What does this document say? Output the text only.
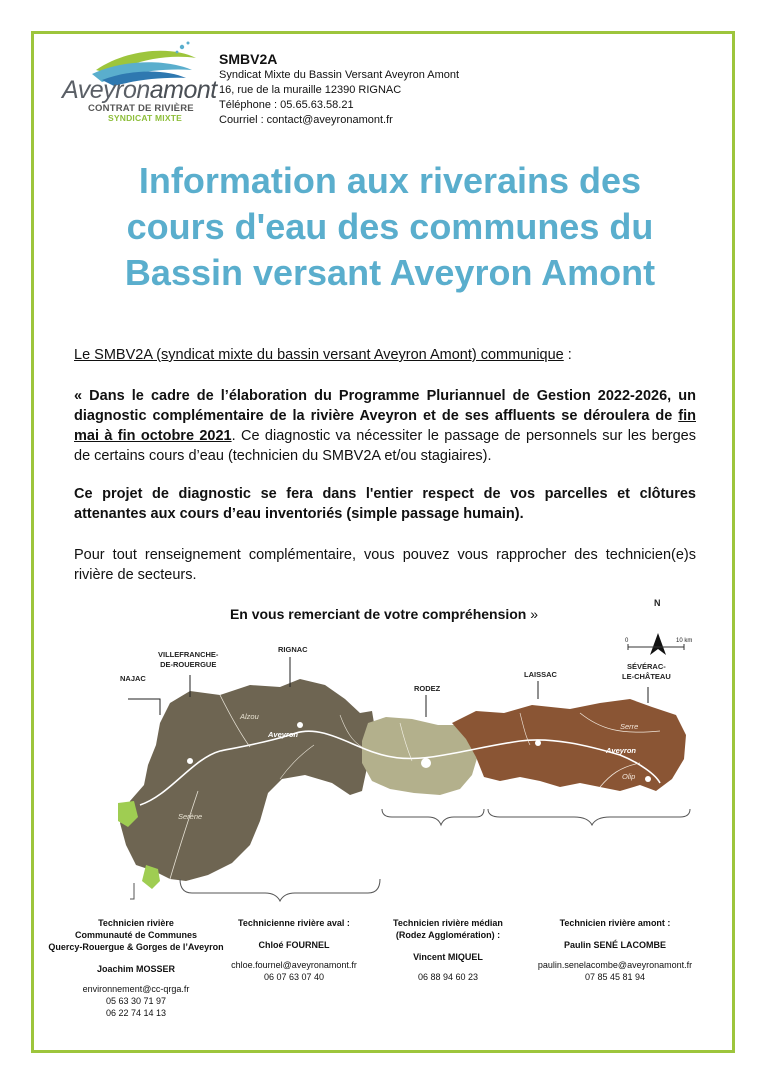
Aveyronamont
CONTRAT DE RIVIÈRE
SYNDICAT MIXTE
SMBV2A
Syndicat Mixte du Bassin Versant Aveyron Amont
16, rue de la muraille 12390 RIGNAC
Téléphone : 05.65.63.58.21
Courriel : contact@aveyronamont.fr
Information aux riverains des
cours d'eau des communes du
Bassin versant Aveyron Amont
Le SMBV2A (syndicat mixte du bassin versant Aveyron Amont) communique :
« Dans le cadre de l’élaboration du Programme Pluriannuel de Gestion 2022-2026, un diagnostic complémentaire de la rivière Aveyron et de ses affluents se déroulera de fin mai à fin octobre 2021. Ce diagnostic va nécessiter le passage de personnels sur les berges de certains cours d’eau (technicien du SMBV2A et/ou stagiaires).
Ce projet de diagnostic se fera dans l'entier respect de vos parcelles et clôtures attenantes aux cours d’eau inventoriés (simple passage humain).
Pour tout renseignement complémentaire, vous pouvez vous rapprocher des technicien(e)s rivière de secteurs.
En vous remerciant de votre compréhension »
NAJAC
VILLEFRANCHE-
DE-ROUERGUE
RIGNAC
RODEZ
LAISSAC
SÉVÉRAC-
LE-CHÂTEAU
Alzou
Aveyron
Serène
Serre
Aveyron
Olip
N
0	10 km
Technicien rivière
Communauté de Communes
Quercy-Rouergue & Gorges de l’Aveyron
Joachim MOSSER
environnement@cc-qrga.fr
05 63 30 71 97
06 22 74 14 13
Technicienne rivière aval :
Chloé FOURNEL
chloe.fournel@aveyronamont.fr
06 07 63 07 40
Technicien rivière médian
(Rodez Agglomération) :
Vincent MIQUEL
06 88 94 60 23
Technicien rivière amont :
Paulin SENÉ LACOMBE
paulin.senelacombe@aveyronamont.fr
07 85 45 81 94
